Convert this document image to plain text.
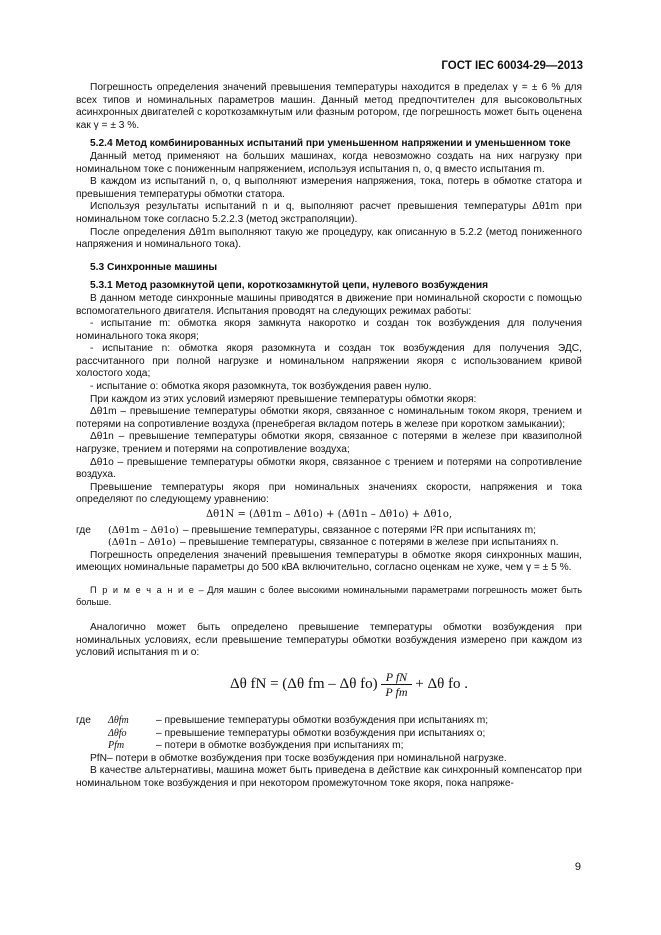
ГОСТ IEC 60034-29—2013

Погрешность определения значений превышения температуры находится в пределах γ = ± 6 % для всех типов и номинальных параметров машин. Данный метод предпочтителен для высоковольтных асинхронных двигателей с короткозамкнутым или фазным ротором, где погрешность может быть оценена как γ = ± 3 %.

5.2.4 Метод комбинированных испытаний при уменьшенном напряжении и уменьшенном токе

Данный метод применяют на больших машинах, когда невозможно создать на них нагрузку при номинальном токе с пониженным напряжением, используя испытания n, o, q вместо испытания m.

В каждом из испытаний n, o, q выполняют измерения напряжения, тока, потерь в обмотке статора и превышения температуры обмотки статора.

Используя результаты испытаний n и q, выполняют расчет превышения температуры Δθ1m при номинальном токе согласно 5.2.2.3 (метод экстраполяции).

После определения Δθ1m выполняют такую же процедуру, как описанную в 5.2.2 (метод пониженного напряжения и номинального тока).

5.3 Синхронные машины

5.3.1 Метод разомкнутой цепи, короткозамкнутой цепи, нулевого возбуждения

В данном методе синхронные машины приводятся в движение при номинальной скорости с помощью вспомогательного двигателя. Испытания проводят на следующих режимах работы:

- испытание m: обмотка якоря замкнута накоротко и создан ток возбуждения для получения номинального тока якоря;

- испытание n: обмотка якоря разомкнута и создан ток возбуждения для получения ЭДС, рассчитанного при полной нагрузке и номинальном напряжении якоря с использованием кривой холостого хода;

- испытание o: обмотка якоря разомкнута, ток возбуждения равен нулю.

При каждом из этих условий измеряют превышение температуры обмотки якоря:

Δθ1m – превышение температуры обмотки якоря, связанное с номинальным током якоря, трением и потерями на сопротивление воздуха (пренебрегая вкладом потерь в железе при коротком замыкании);

Δθ1n – превышение температуры обмотки якоря, связанное с потерями в железе при квазиполной нагрузке, трением и потерями на сопротивление воздуха;

Δθ1o – превышение температуры обмотки якоря, связанное с трением и потерями на сопротивление воздуха.

Превышение температуры якоря при номинальных значениях скорости, напряжения и тока определяют по следующему уравнению:

Δθ1N = (Δθ1m – Δθ1o) + (Δθ1n – Δθ1o) + Δθ1o,
где	(Δθ1m – Δθ1o) – превышение температуры, связанное с потерями I²R при испытаниях m;
(Δθ1n – Δθ1o) – превышение температуры, связанное с потерями в железе при испытаниях n.

Погрешность определения значений превышения температуры в обмотке якоря синхронных машин, имеющих номинальные параметры до 500 кВА включительно, согласно оценкам не хуже, чем γ = ± 5 %.

П р и м е ч а н и е – Для машин с более высокими номинальными параметрами погрешность может быть больше.

Аналогично может быть определено превышение температуры обмотки возбуждения при номинальных условиях, если превышение температуры обмотки возбуждения измерено при каждом из условий испытания m и o:

Δθ fN = (Δθ fm – Δθ $fo) \frac{\text{P fN}}{\text{P fm}} + \Delta\theta$ fo .
где	Δθfm	– превышение температуры обмотки возбуждения при испытаниях m;
Δθfo	– превышение температуры обмотки возбуждения при испытаниях o;
Pfm	– потери в обмотке возбуждения при испытаниях m;

PfN– потери в обмотке возбуждения при тоске возбуждения при номинальной нагрузке.

В качестве альтернативы, машина может быть приведена в действие как синхронный компенсатор при номинальном токе возбуждения и при некотором промежуточном токе якоря, пока напряже-

9
